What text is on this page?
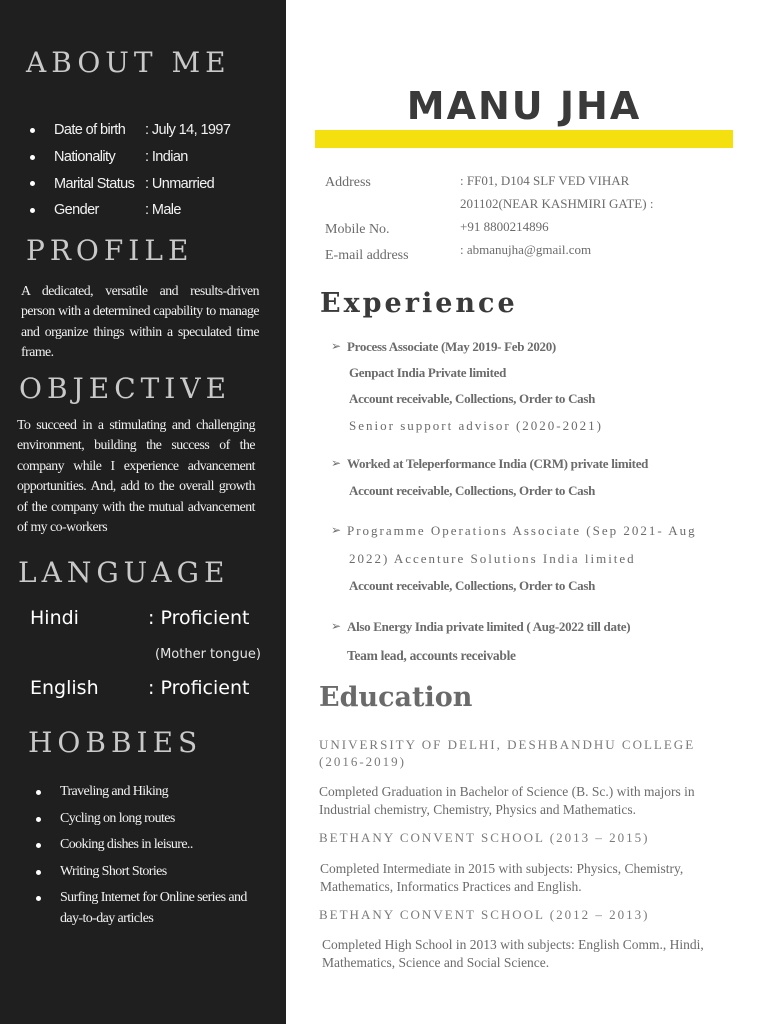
ABOUT ME
Date of birth	: July 14, 1997
Nationality	: Indian
Marital Status : Unmarried
Gender	: Male
PROFILE

A dedicated, versatile and results-driven person with a determined capability to manage and organize things within a speculated time frame.

OBJECTIVE

To succeed in a stimulating and challenging environment, building the success of the company while I experience advancement opportunities. And, add to the overall growth of the company with the mutual advancement of my co-workers

LANGUAGE
Hindi	: Proficient
(Mother tongue)
English	: Proficient
HOBBIES
Traveling and Hiking
Cycling on long routes
Cooking dishes in leisure..
Writing Short Stories
Surfing Internet for Online series and day-to-day articles
MANU JHA
Address	: FF01, D104 SLF VED VIHAR
201102(NEAR KASHMIRI GATE) :
Mobile No.	+91 8800214896
E-mail address	: abmanujha@gmail.com
Experience
➢ Process Associate (May 2019- Feb 2020)
Genpact India Private limited
Account receivable, Collections, Order to Cash
Senior support advisor (2020-2021)
➢ Worked at Teleperformance India (CRM) private limited
Account receivable, Collections, Order to Cash
➢ Programme Operations Associate (Sep 2021- Aug
2022) Accenture Solutions India limited
Account receivable, Collections, Order to Cash
➢ Also Energy India private limited ( Aug-2022 till date)
Team lead, accounts receivable
Education
UNIVERSITY OF DELHI, DESHBANDHU COLLEGE (2016-2019)
Completed Graduation in Bachelor of Science (B. Sc.) with majors in Industrial chemistry, Chemistry, Physics and Mathematics.
BETHANY CONVENT SCHOOL (2013 – 2015)
Completed Intermediate in 2015 with subjects: Physics, Chemistry, Mathematics, Informatics Practices and English.
BETHANY CONVENT SCHOOL (2012 – 2013)
Completed High School in 2013 with subjects: English Comm., Hindi, Mathematics, Science and Social Science.
